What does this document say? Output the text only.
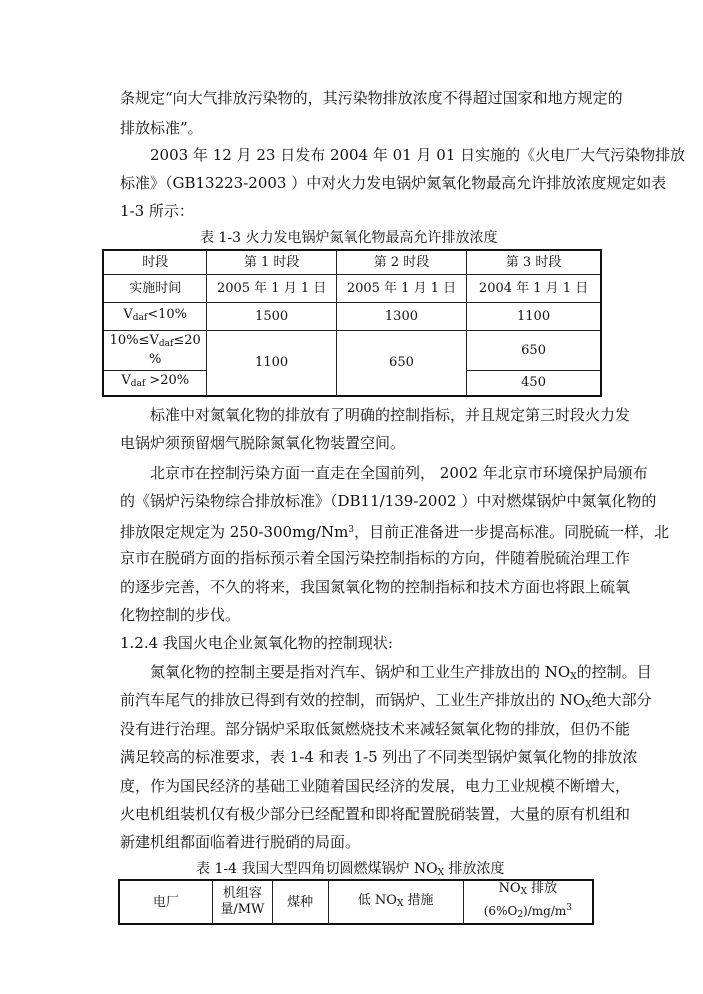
条规定“向大气排放污染物的，其污染物排放浓度不得超过国家和地方规定的
排放标准”。
2003 年 12 月 23 日发布 2004 年 01 月 01 日实施的《火电厂大气污染物排放
标准》（GB13223-2003 ）中对火力发电锅炉氮氧化物最高允许排放浓度规定如表
1-3 所示：
表 1-3 火力发电锅炉氮氧化物最高允许排放浓度
时段	第 1 时段	第 2 时段	第 3 时段
实施时间	2005 年 1 月 1 日	2005 年 1 月 1 日	2004 年 1 月 1 日
$V_{daf}<10\%$	1500	1300	1100
$10\%\le V_{daf}\le 20$
%	1100	650	650
$V_{daf} >20\%$			450
标准中对氮氧化物的排放有了明确的控制指标，并且规定第三时段火力发
电锅炉须预留烟气脱除氮氧化物装置空间。
北京市在控制污染方面一直走在全国前列， 2002 年北京市环境保护局颁布
的《锅炉污染物综合排放标准》（DB11/139-2002 ）中对燃煤锅炉中氮氧化物的
排放限定规定为 250-300mg/Nm$^3$，目前正准备进一步提高标准。同脱硫一样，北
京市在脱硝方面的指标预示着全国污染控制指标的方向，伴随着脱硫治理工作
的逐步完善，不久的将来，我国氮氧化物的控制指标和技术方面也将跟上硫氧
化物控制的步伐。
1.2.4 我国火电企业氮氧化物的控制现状:
氮氧化物的控制主要是指对汽车、锅炉和工业生产排放出的 $NO_X$的控制。目
前汽车尾气的排放已得到有效的控制，而锅炉、工业生产排放出的 $NO_X$绝大部分
没有进行治理。部分锅炉采取低氮燃烧技术来减轻氮氧化物的排放，但仍不能
满足较高的标准要求，表 1-4 和表 1-5 列出了不同类型锅炉氮氧化物的排放浓
度，作为国民经济的基础工业随着国民经济的发展，电力工业规模不断增大，
火电机组装机仅有极少部分已经配置和即将配置脱硝装置，大量的原有机组和
新建机组都面临着进行脱硝的局面。
表 1-4 我国大型四角切圆燃煤锅炉 $NO_X$ 排放浓度
电厂	机组容
量/MW	煤种	低 $NO_X$ 措施	$NO_X$ 排放
$(6\%O_2)/mg/m^3$
